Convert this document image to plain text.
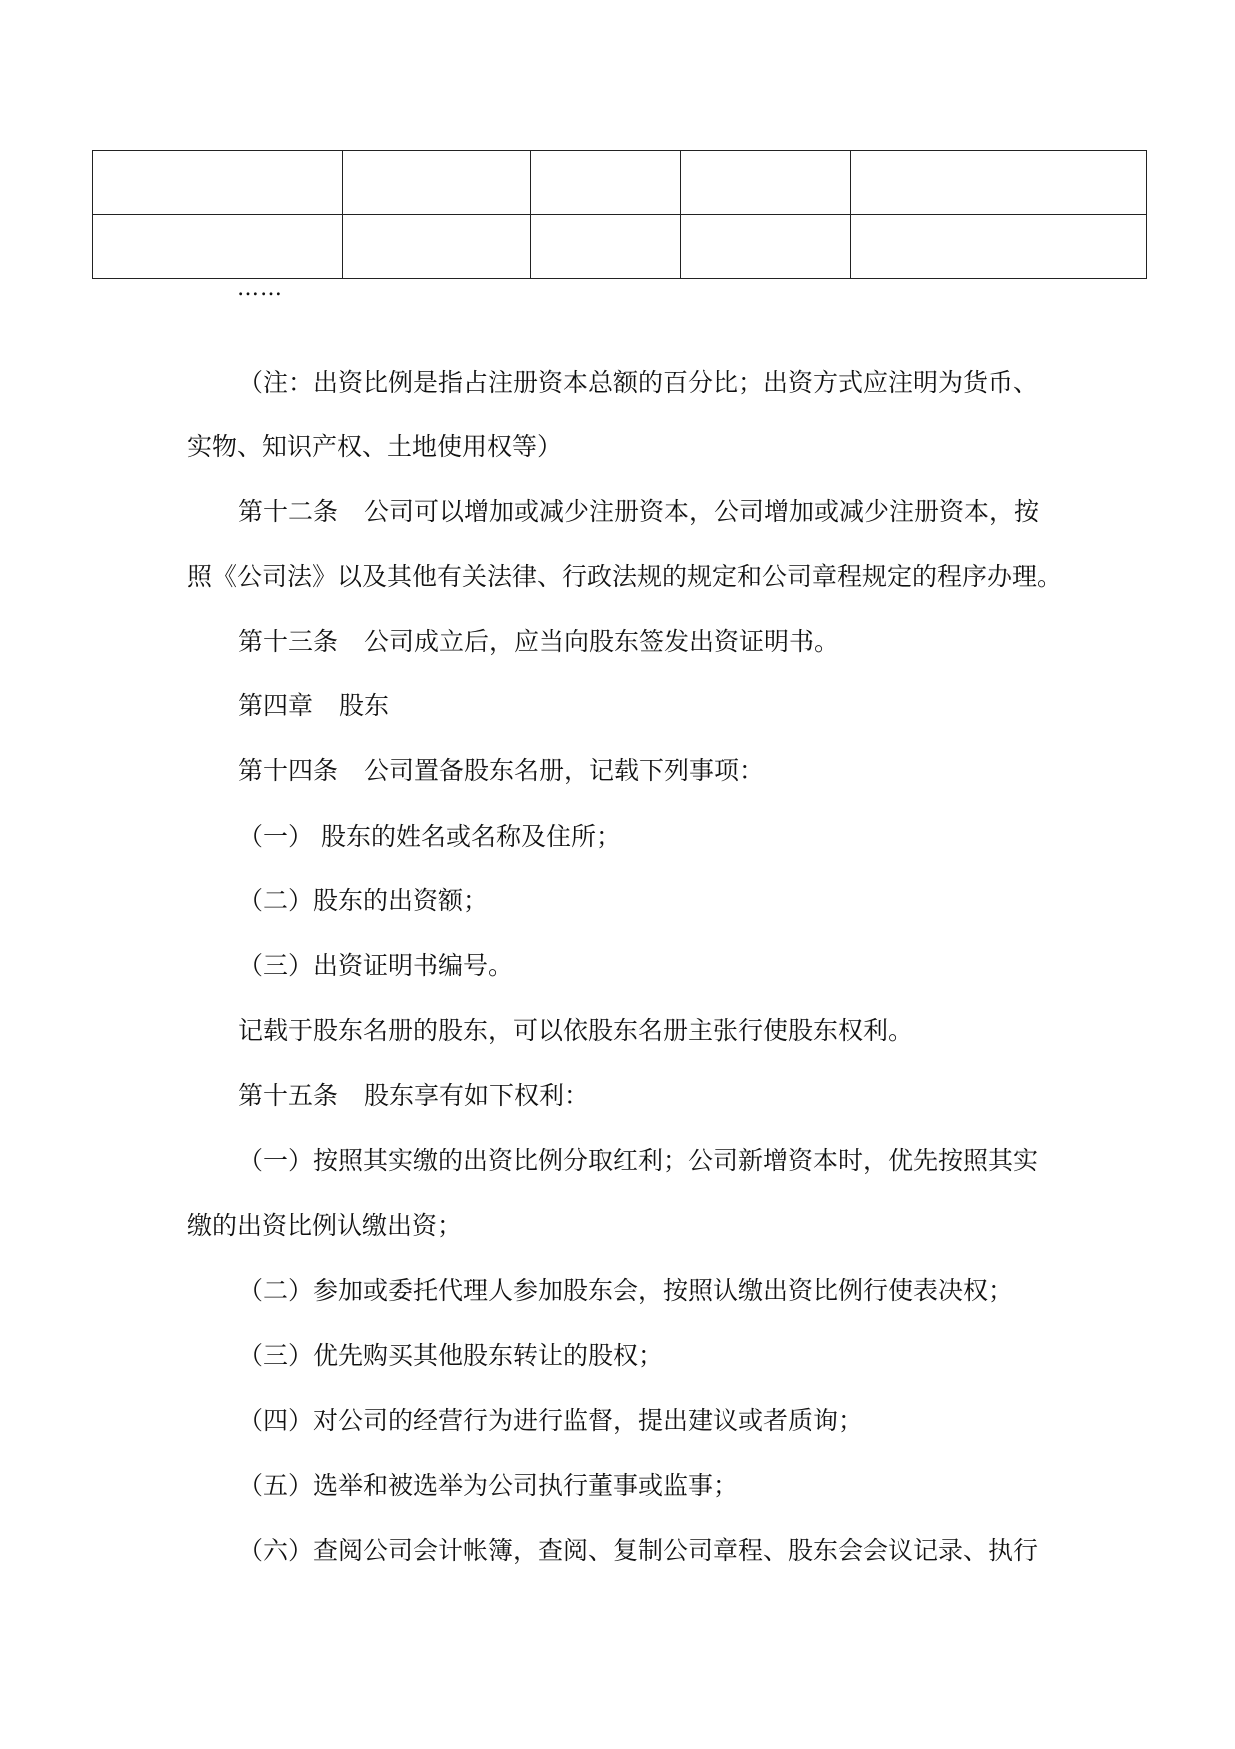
……
（注：出资比例是指占注册资本总额的百分比；出资方式应注明为货币、
实物、知识产权、土地使用权等）
第十二条 公司可以增加或减少注册资本，公司增加或减少注册资本，按
照《公司法》以及其他有关法律、行政法规的规定和公司章程规定的程序办理。
第十三条 公司成立后，应当向股东签发出资证明书。
第四章 股东
第十四条 公司置备股东名册，记载下列事项：
（一） 股东的姓名或名称及住所；
（二）股东的出资额；
（三）出资证明书编号。
记载于股东名册的股东，可以依股东名册主张行使股东权利。
第十五条 股东享有如下权利：
（一）按照其实缴的出资比例分取红利；公司新增资本时，优先按照其实
缴的出资比例认缴出资；
（二）参加或委托代理人参加股东会，按照认缴出资比例行使表决权；
（三）优先购买其他股东转让的股权；
（四）对公司的经营行为进行监督，提出建议或者质询；
（五）选举和被选举为公司执行董事或监事；
（六）查阅公司会计帐簿，查阅、复制公司章程、股东会会议记录、执行
